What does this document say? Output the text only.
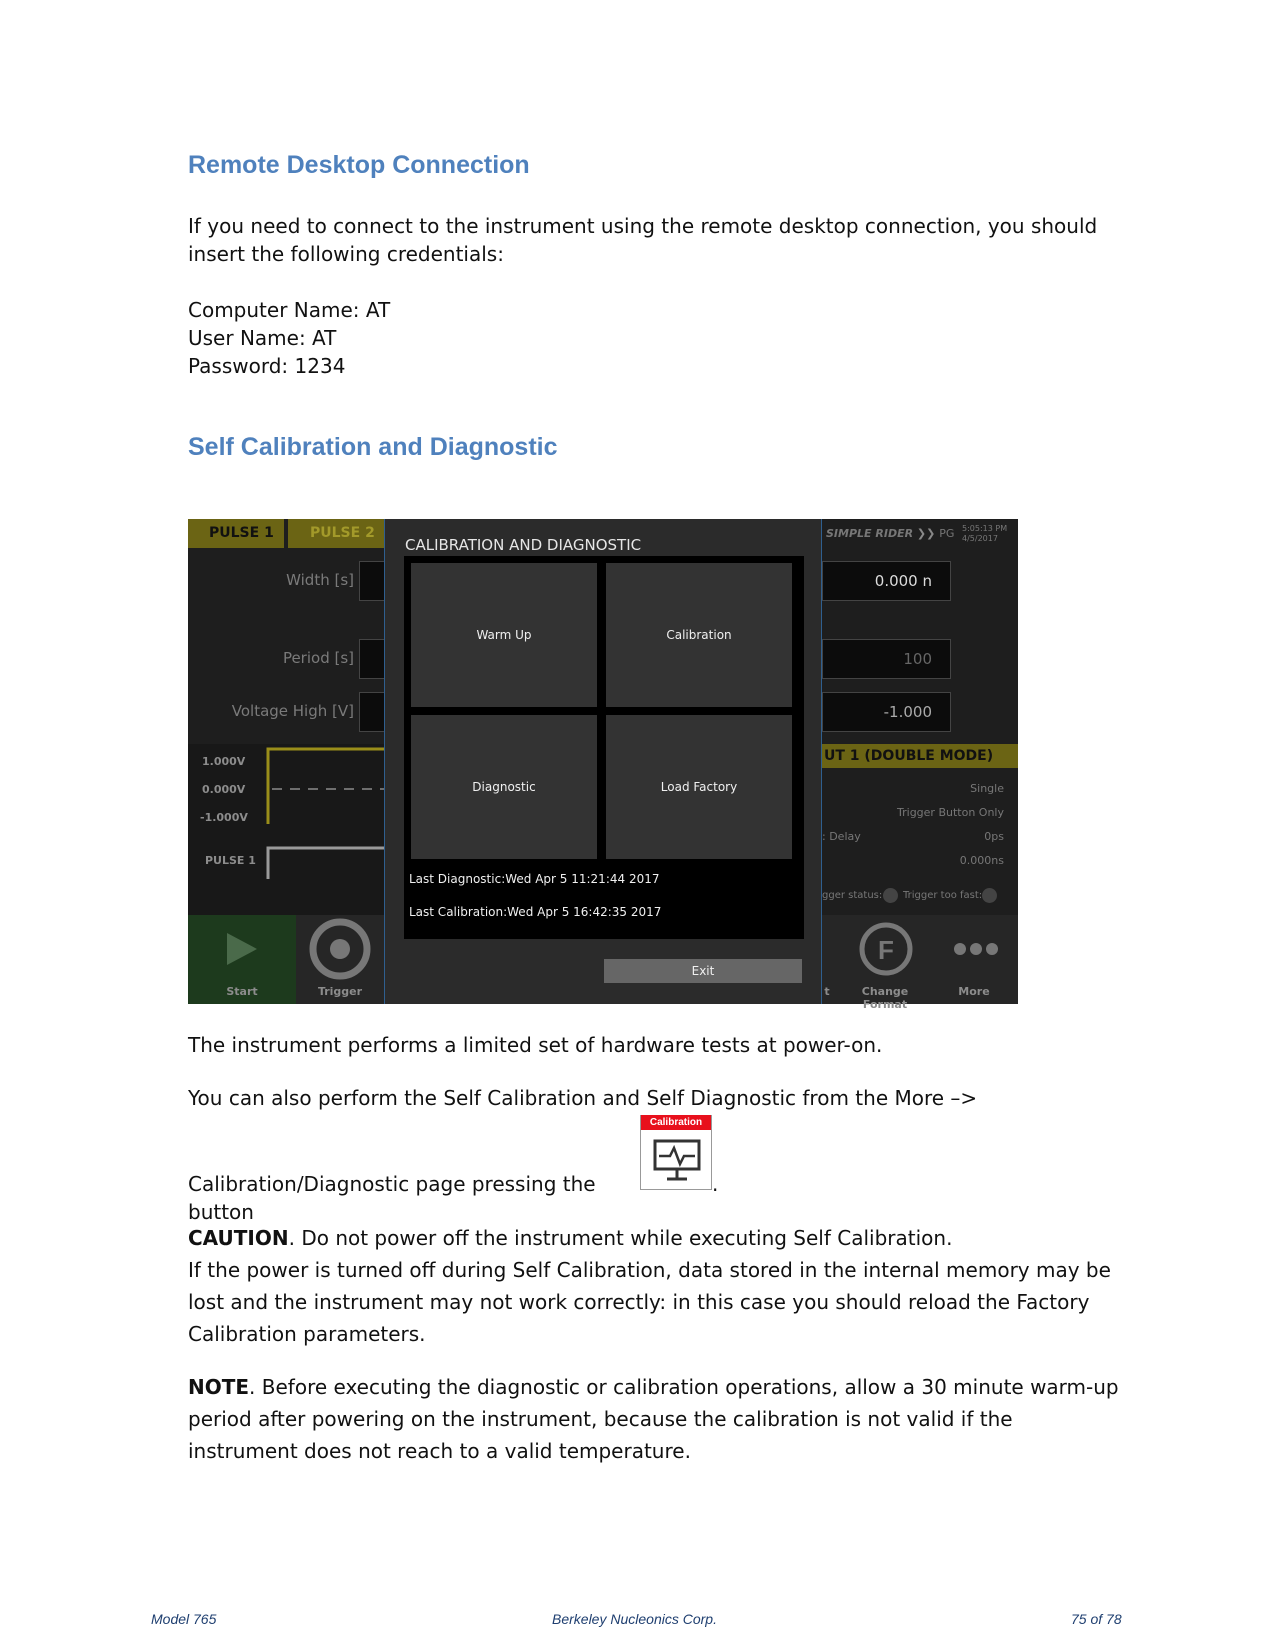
Remote Desktop Connection
If you need to connect to the instrument using the remote desktop connection, you should insert the following credentials:
Computer Name: AT
User Name: AT
Password: 1234
Self Calibration and Diagnostic
PULSE 1	PULSE 2
Width [s]
Period [s]
Voltage High [V]
1.000V
0.000V
-1.000V
PULSE 1
SIMPLE RIDER ❯❯ PG 5:05:13 PM
4/5/2017
0.000 n
100
-1.000
UT 1 (DOUBLE MODE)
Single
Trigger Button Only
: Delay	0ps
0.000ns
gger status: Trigger too fast:
Start	Trigger	t
F
Change Format
More
CALIBRATION AND DIAGNOSTIC
Warm Up	Calibration
Diagnostic	Load Factory
Last Diagnostic:Wed Apr 5 11:21:44 2017
Last Calibration:Wed Apr 5 16:42:35 2017
Exit
The instrument performs a limited set of hardware tests at power-on.
You can also perform the Self Calibration and Self Diagnostic from the More –>
Calibration/Diagnostic page pressing the button
Calibration
.
CAUTION. Do not power off the instrument while executing Self Calibration.
If the power is turned off during Self Calibration, data stored in the internal memory may be lost and the instrument may not work correctly: in this case you should reload the Factory Calibration parameters.
NOTE. Before executing the diagnostic or calibration operations, allow a 30 minute warm-up period after powering on the instrument, because the calibration is not valid if the instrument does not reach to a valid temperature.
Model 765	Berkeley Nucleonics Corp.	75 of 78
